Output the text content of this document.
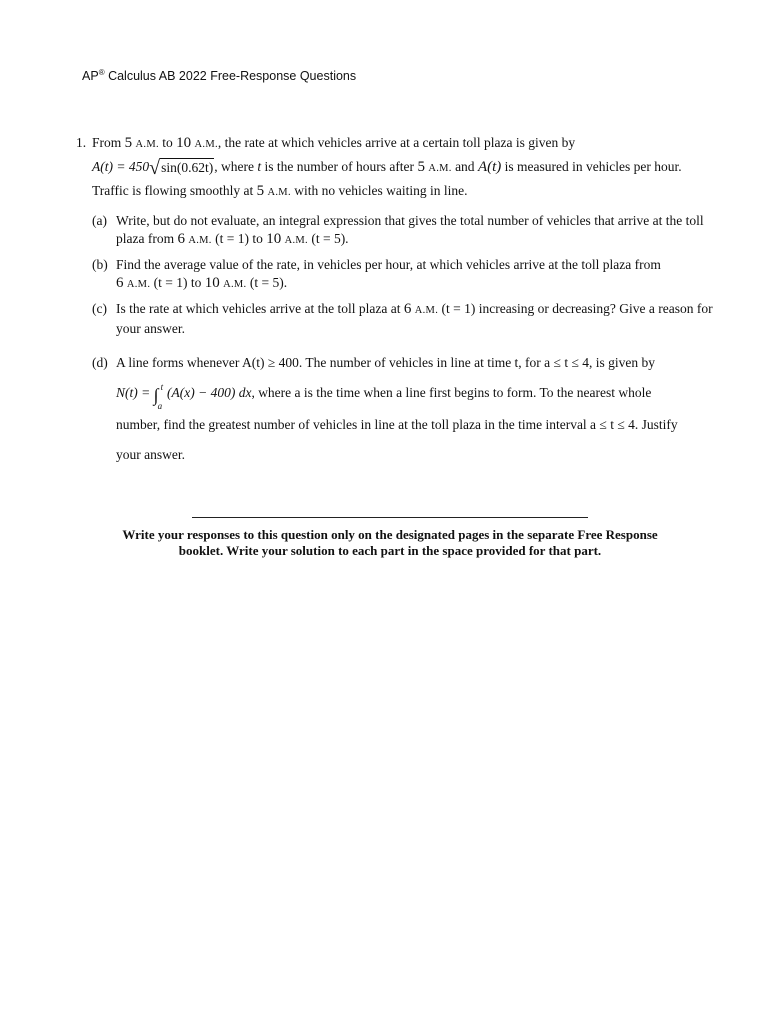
AP® Calculus AB 2022 Free-Response Questions
1. From 5 A.M. to 10 A.M., the rate at which vehicles arrive at a certain toll plaza is given by
A(t) = 450√sin(0.62t), where t is the number of hours after 5 A.M. and A(t) is measured in vehicles per hour.
Traffic is flowing smoothly at 5 A.M. with no vehicles waiting in line.
(a) Write, but do not evaluate, an integral expression that gives the total number of vehicles that arrive at the toll plaza from 6 A.M. (t = 1) to 10 A.M. (t = 5).
(b) Find the average value of the rate, in vehicles per hour, at which vehicles arrive at the toll plaza from
6 A.M. (t = 1) to 10 A.M. (t = 5).
(c) Is the rate at which vehicles arrive at the toll plaza at 6 A.M. (t = 1) increasing or decreasing? Give a reason for your answer.
(d) A line forms whenever A(t) ≥ 400. The number of vehicles in line at time t, for a ≤ t ≤ 4, is given by
N(t) = ∫ t
a
(A(x) − 400) dx, where a is the time when a line first begins to form. To the nearest whole
number, find the greatest number of vehicles in line at the toll plaza in the time interval a ≤ t ≤ 4. Justify
your answer.
Write your responses to this question only on the designated pages in the separate Free Response booklet. Write your solution to each part in the space provided for that part.
